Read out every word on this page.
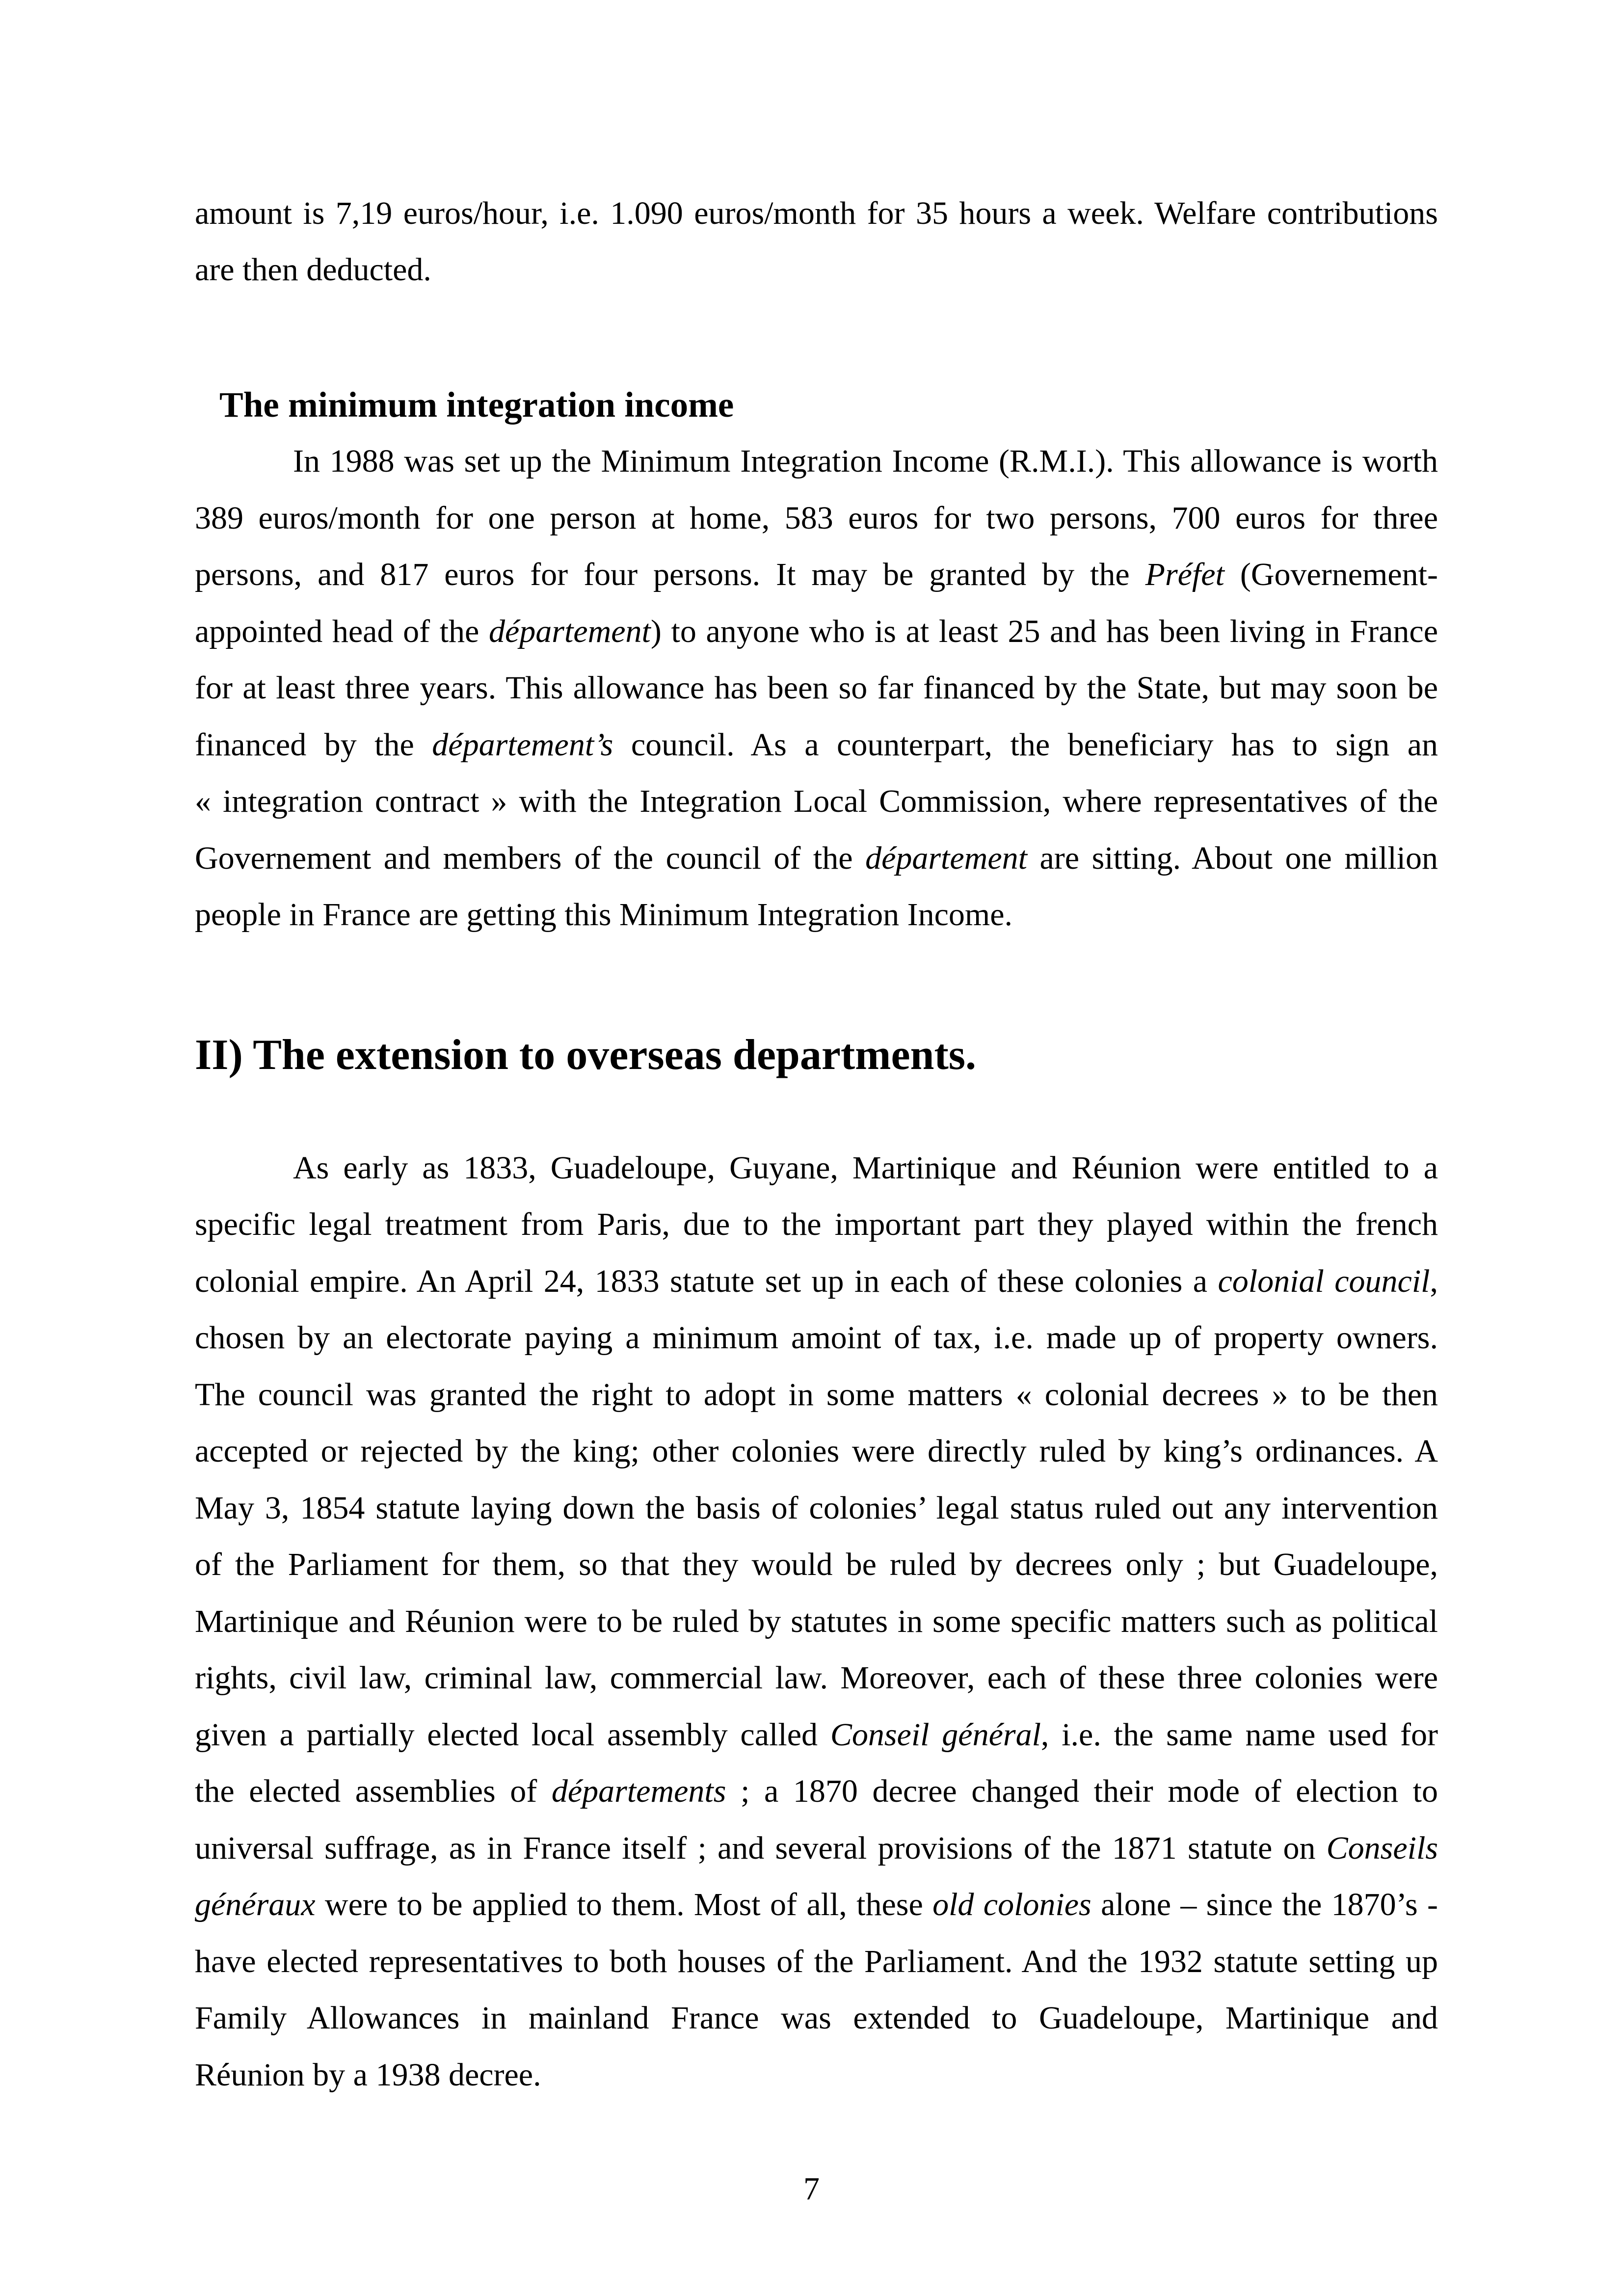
amount is 7,19 euros/hour, i.e. 1.090 euros/month for 35 hours a week. Welfare contributions
are then deducted.
The minimum integration income
In 1988 was set up the Minimum Integration Income (R.M.I.). This allowance is worth
389 euros/month for one person at home, 583 euros for two persons, 700 euros for three
persons, and 817 euros for four persons. It may be granted by the Préfet (Governement-
appointed head of the département) to anyone who is at least 25 and has been living in France
for at least three years. This allowance has been so far financed by the State, but may soon be
financed by the département’s council. As a counterpart, the beneficiary has to sign an
« integration contract » with the Integration Local Commission, where representatives of the
Governement and members of the council of the département are sitting. About one million
people in France are getting this Minimum Integration Income.
II) The extension to overseas departments.
As early as 1833, Guadeloupe, Guyane, Martinique and Réunion were entitled to a
specific legal treatment from Paris, due to the important part they played within the french
colonial empire. An April 24, 1833 statute set up in each of these colonies a colonial council,
chosen by an electorate paying a minimum amoint of tax, i.e. made up of property owners.
The council was granted the right to adopt in some matters « colonial decrees » to be then
accepted or rejected by the king; other colonies were directly ruled by king’s ordinances. A
May 3, 1854 statute laying down the basis of colonies’ legal status ruled out any intervention
of the Parliament for them, so that they would be ruled by decrees only ; but Guadeloupe,
Martinique and Réunion were to be ruled by statutes in some specific matters such as political
rights, civil law, criminal law, commercial law. Moreover, each of these three colonies were
given a partially elected local assembly called Conseil général, i.e. the same name used for
the elected assemblies of départements ; a 1870 decree changed their mode of election to
universal suffrage, as in France itself ; and several provisions of the 1871 statute on Conseils
généraux were to be applied to them. Most of all, these old colonies alone – since the 1870’s -
have elected representatives to both houses of the Parliament. And the 1932 statute setting up
Family Allowances in mainland France was extended to Guadeloupe, Martinique and
Réunion by a 1938 decree.
7
